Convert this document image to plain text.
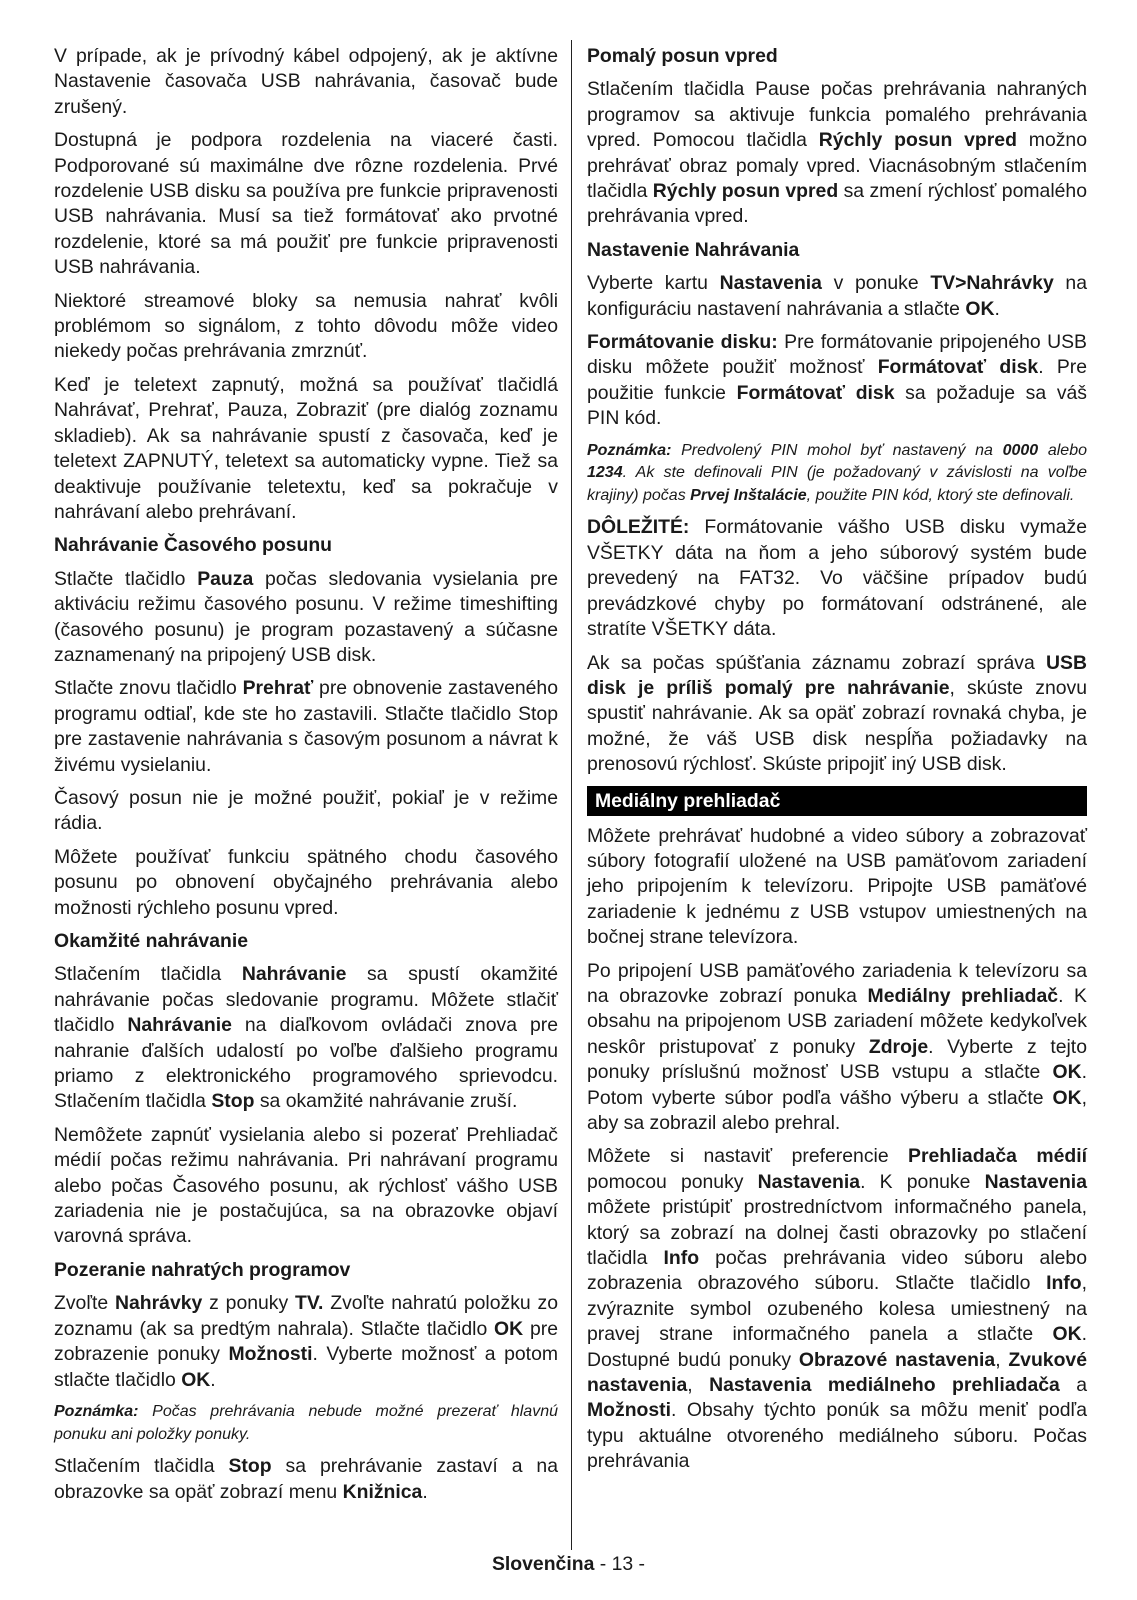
V prípade, ak je prívodný kábel odpojený, ak je aktívne Nastavenie časovača USB nahrávania, časovač bude zrušený.

Dostupná je podpora rozdelenia na viaceré časti. Podporované sú maximálne dve rôzne rozdelenia. Prvé rozdelenie USB disku sa používa pre funkcie pripravenosti USB nahrávania. Musí sa tiež formátovať ako prvotné rozdelenie, ktoré sa má použiť pre funkcie pripravenosti USB nahrávania.

Niektoré streamové bloky sa nemusia nahrať kvôli problémom so signálom, z tohto dôvodu môže video niekedy počas prehrávania zmrznúť.

Keď je teletext zapnutý, možná sa používať tlačidlá Nahrávať, Prehrať, Pauza, Zobraziť (pre dialóg zoznamu skladieb). Ak sa nahrávanie spustí z časovača, keď je teletext ZAPNUTÝ, teletext sa automaticky vypne. Tiež sa deaktivuje používanie teletextu, keď sa pokračuje v nahrávaní alebo prehrávaní.

Nahrávanie Časového posunu

Stlačte tlačidlo Pauza počas sledovania vysielania pre aktiváciu režimu časového posunu. V režime timeshifting (časového posunu) je program pozastavený a súčasne zaznamenaný na pripojený USB disk.

Stlačte znovu tlačidlo Prehrať pre obnovenie zastaveného programu odtiaľ, kde ste ho zastavili. Stlačte tlačidlo Stop pre zastavenie nahrávania s časovým posunom a návrat k živému vysielaniu.

Časový posun nie je možné použiť, pokiaľ je v režime rádia.

Môžete používať funkciu spätného chodu časového posunu po obnovení obyčajného prehrávania alebo možnosti rýchleho posunu vpred.

Okamžité nahrávanie

Stlačením tlačidla Nahrávanie sa spustí okamžité nahrávanie počas sledovanie programu. Môžete stlačiť tlačidlo Nahrávanie na diaľkovom ovládači znova pre nahranie ďalších udalostí po voľbe ďalšieho programu priamo z elektronického programového sprievodcu. Stlačením tlačidla Stop sa okamžité nahrávanie zruší.

Nemôžete zapnúť vysielania alebo si pozerať Prehliadač médií počas režimu nahrávania. Pri nahrávaní programu alebo počas Časového posunu, ak rýchlosť vášho USB zariadenia nie je postačujúca, sa na obrazovke objaví varovná správa.

Pozeranie nahratých programov

Zvoľte Nahrávky z ponuky TV. Zvoľte nahratú položku zo zoznamu (ak sa predtým nahrala). Stlačte tlačidlo OK pre zobrazenie ponuky Možnosti. Vyberte možnosť a potom stlačte tlačidlo OK.

Poznámka: Počas prehrávania nebude možné prezerať hlavnú ponuku ani položky ponuky.

Stlačením tlačidla Stop sa prehrávanie zastaví a na obrazovke sa opäť zobrazí menu Knižnica.

Pomalý posun vpred

Stlačením tlačidla Pause počas prehrávania nahraných programov sa aktivuje funkcia pomalého prehrávania vpred. Pomocou tlačidla Rýchly posun vpred možno prehrávať obraz pomaly vpred. Viacnásobným stlačením tlačidla Rýchly posun vpred sa zmení rýchlosť pomalého prehrávania vpred.

Nastavenie Nahrávania

Vyberte kartu Nastavenia v ponuke TV>Nahrávky na konfiguráciu nastavení nahrávania a stlačte OK.

Formátovanie disku: Pre formátovanie pripojeného USB disku môžete použiť možnosť Formátovať disk. Pre použitie funkcie Formátovať disk sa požaduje sa váš PIN kód.

Poznámka: Predvolený PIN mohol byť nastavený na 0000 alebo 1234. Ak ste definovali PIN (je požadovaný v závislosti na voľbe krajiny) počas Prvej Inštalácie, použite PIN kód, ktorý ste definovali.

DÔLEŽITÉ: Formátovanie vášho USB disku vymaže VŠETKY dáta na ňom a jeho súborový systém bude prevedený na FAT32. Vo väčšine prípadov budú prevádzkové chyby po formátovaní odstránené, ale stratíte VŠETKY dáta.

Ak sa počas spúšťania záznamu zobrazí správa USB disk je príliš pomalý pre nahrávanie, skúste znovu spustiť nahrávanie. Ak sa opäť zobrazí rovnaká chyba, je možné, že váš USB disk nespĺňa požiadavky na prenosovú rýchlosť. Skúste pripojiť iný USB disk.

Mediálny prehliadač

Môžete prehrávať hudobné a video súbory a zobrazovať súbory fotografií uložené na USB pamäťovom zariadení jeho pripojením k televízoru. Pripojte USB pamäťové zariadenie k jednému z USB vstupov umiestnených na bočnej strane televízora.

Po pripojení USB pamäťového zariadenia k televízoru sa na obrazovke zobrazí ponuka Mediálny prehliadač. K obsahu na pripojenom USB zariadení môžete kedykoľvek neskôr pristupovať z ponuky Zdroje. Vyberte z tejto ponuky príslušnú možnosť USB vstupu a stlačte OK. Potom vyberte súbor podľa vášho výberu a stlačte OK, aby sa zobrazil alebo prehral.

Môžete si nastaviť preferencie Prehliadača médií pomocou ponuky Nastavenia. K ponuke Nastavenia môžete pristúpiť prostredníctvom informačného panela, ktorý sa zobrazí na dolnej časti obrazovky po stlačení tlačidla Info počas prehrávania video súboru alebo zobrazenia obrazového súboru. Stlačte tlačidlo Info, zvýraznite symbol ozubeného kolesa umiestnený na pravej strane informačného panela a stlačte OK. Dostupné budú ponuky Obrazové nastavenia, Zvukové nastavenia, Nastavenia mediálneho prehliadača a Možnosti. Obsahy týchto ponúk sa môžu meniť podľa typu aktuálne otvoreného mediálneho súboru. Počas prehrávania

Slovenčina - 13 -
